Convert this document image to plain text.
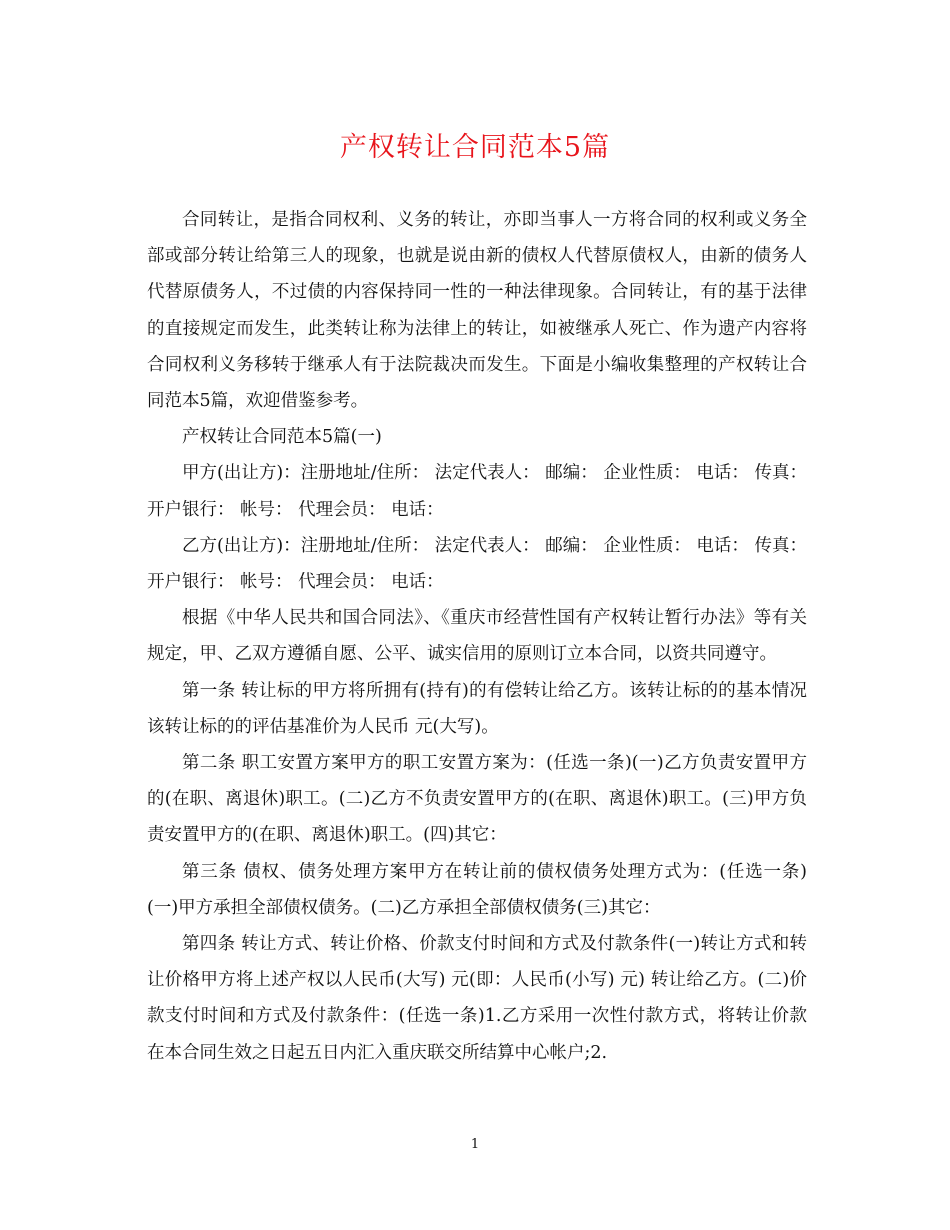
产权转让合同范本5篇

合同转让，是指合同权利、义务的转让，亦即当事人一方将合同的权利或义务全部或部分转让给第三人的现象，也就是说由新的债权人代替原债权人，由新的债务人代替原债务人，不过债的内容保持同一性的一种法律现象。合同转让，有的基于法律的直接规定而发生，此类转让称为法律上的转让，如被继承人死亡、作为遗产内容将合同权利义务移转于继承人有于法院裁决而发生。下面是小编收集整理的产权转让合同范本5篇，欢迎借鉴参考。

产权转让合同范本5篇(一)

甲方(出让方)：注册地址/住所： 法定代表人： 邮编： 企业性质： 电话： 传真： 开户银行： 帐号： 代理会员： 电话：

乙方(出让方)：注册地址/住所： 法定代表人： 邮编： 企业性质： 电话： 传真： 开户银行： 帐号： 代理会员： 电话：

根据《中华人民共和国合同法》、《重庆市经营性国有产权转让暂行办法》等有关规定，甲、乙双方遵循自愿、公平、诚实信用的原则订立本合同，以资共同遵守。

第一条 转让标的甲方将所拥有(持有)的有偿转让给乙方。该转让标的的基本情况 该转让标的的评估基准价为人民币 元(大写)。

第二条 职工安置方案甲方的职工安置方案为：(任选一条)(一)乙方负责安置甲方的(在职、离退休)职工。(二)乙方不负责安置甲方的(在职、离退休)职工。(三)甲方负责安置甲方的(在职、离退休)职工。(四)其它：

第三条 债权、债务处理方案甲方在转让前的债权债务处理方式为：(任选一条)(一)甲方承担全部债权债务。(二)乙方承担全部债权债务(三)其它：

第四条 转让方式、转让价格、价款支付时间和方式及付款条件(一)转让方式和转让价格甲方将上述产权以人民币(大写) 元(即：人民币(小写) 元) 转让给乙方。(二)价款支付时间和方式及付款条件：(任选一条)1.乙方采用一次性付款方式，将转让价款在本合同生效之日起五日内汇入重庆联交所结算中心帐户;2.

1
